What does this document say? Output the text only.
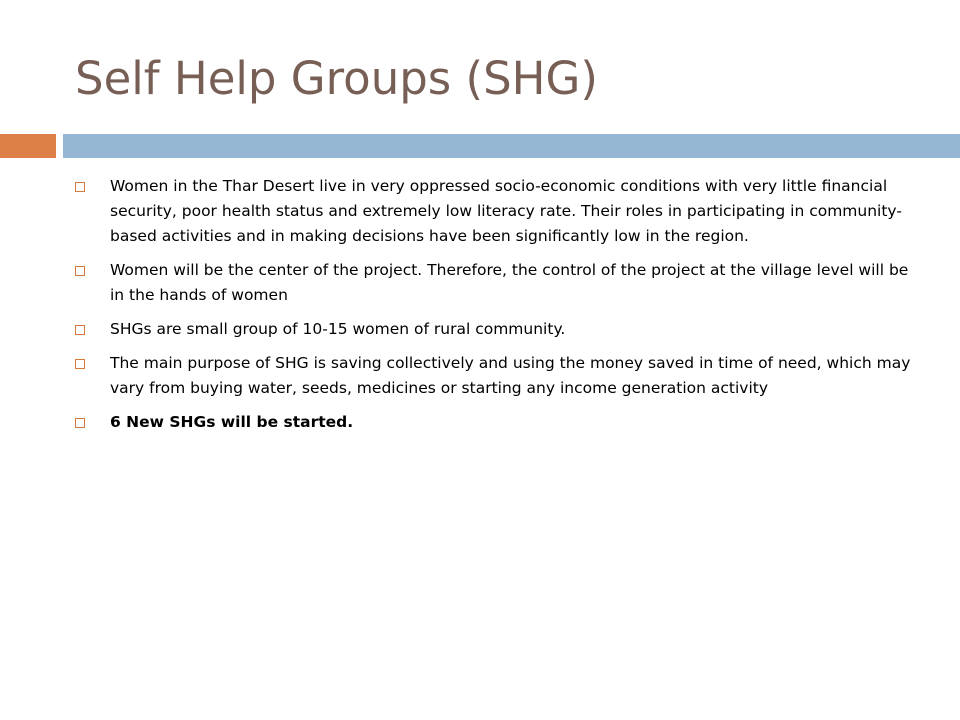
Self Help Groups (SHG)
Women in the Thar Desert live in very oppressed socio-economic conditions with very little financial security, poor health status and extremely low literacy rate. Their roles in participating in community-based activities and in making decisions have been significantly low in the region.
Women will be the center of the project. Therefore, the control of the project at the village level will be in the hands of women
SHGs are small group of 10-15 women of rural community.
The main purpose of SHG is saving collectively and using the money saved in time of need, which may vary from buying water, seeds, medicines or starting any income generation activity
6 New SHGs will be started.
